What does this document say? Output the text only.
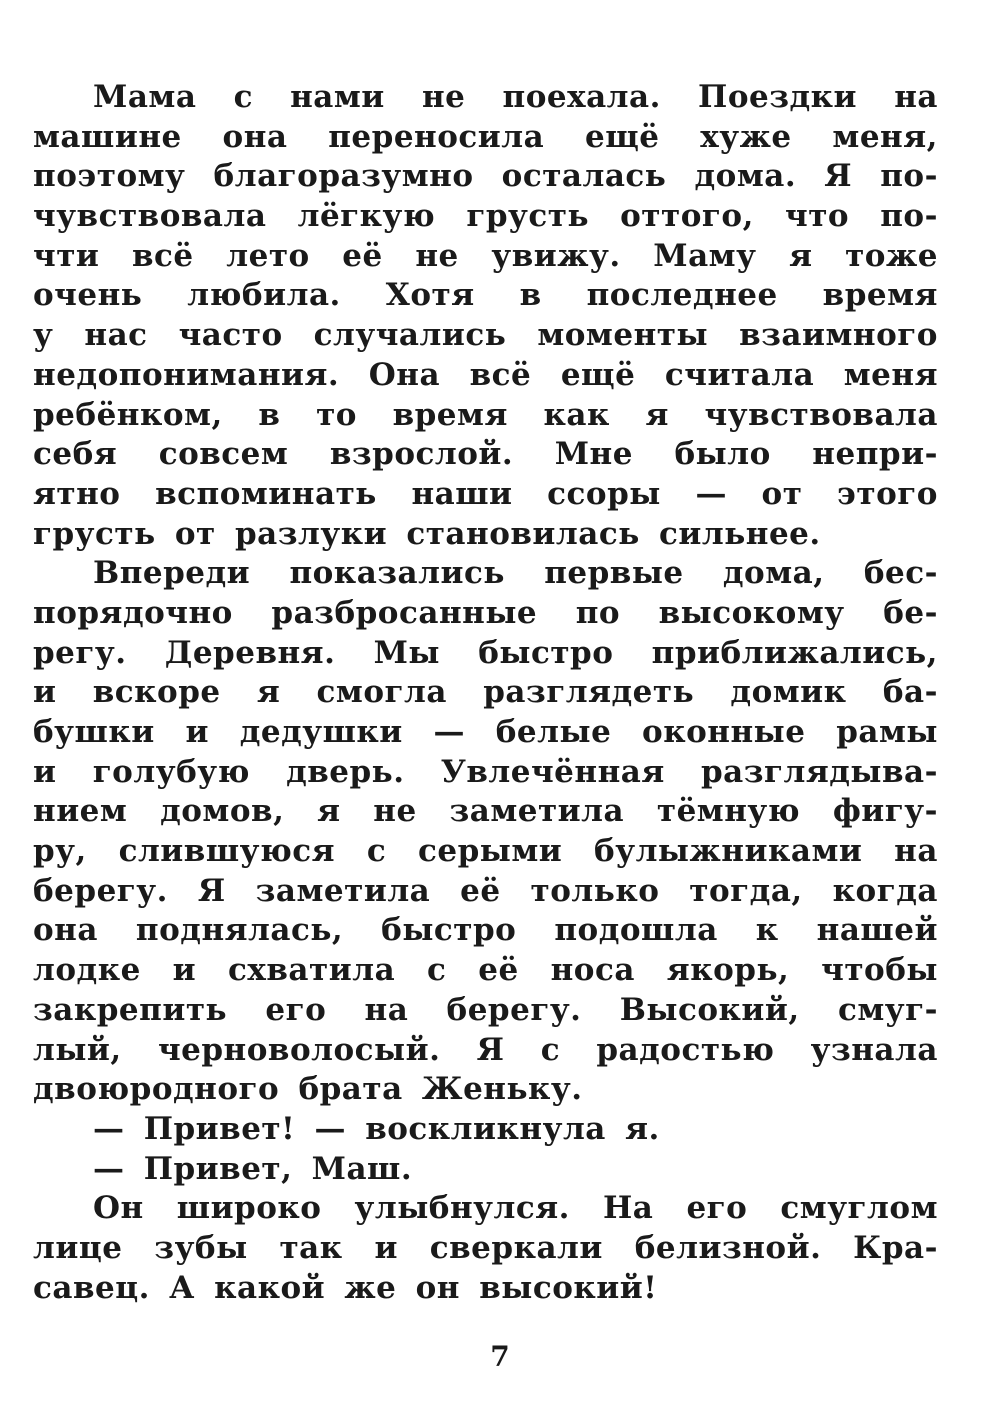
Мама с нами не поехала. Поездки на
машине она переносила ещё хуже меня,
поэтому благоразумно осталась дома. Я по-
чувствовала лёгкую грусть оттого, что по-
чти всё лето её не увижу. Маму я тоже
очень любила. Хотя в последнее время
у нас часто случались моменты взаимного
недопонимания. Она всё ещё считала меня
ребёнком, в то время как я чувствовала
себя совсем взрослой. Мне было непри-
ятно вспоминать наши ссоры — от этого
грусть от разлуки становилась сильнее.
Впереди показались первые дома, бес-
порядочно разбросанные по высокому бе-
регу. Деревня. Мы быстро приближались,
и вскоре я смогла разглядеть домик ба-
бушки и дедушки — белые оконные рамы
и голубую дверь. Увлечённая разглядыва-
нием домов, я не заметила тёмную фигу-
ру, слившуюся с серыми булыжниками на
берегу. Я заметила её только тогда, когда
она поднялась, быстро подошла к нашей
лодке и схватила с её носа якорь, чтобы
закрепить его на берегу. Высокий, смуг-
лый, черноволосый. Я с радостью узнала
двоюродного брата Женьку.
— Привет! — воскликнула я.
— Привет, Маш.
Он широко улыбнулся. На его смуглом
лице зубы так и сверкали белизной. Кра-
савец. А какой же он высокий!
7
